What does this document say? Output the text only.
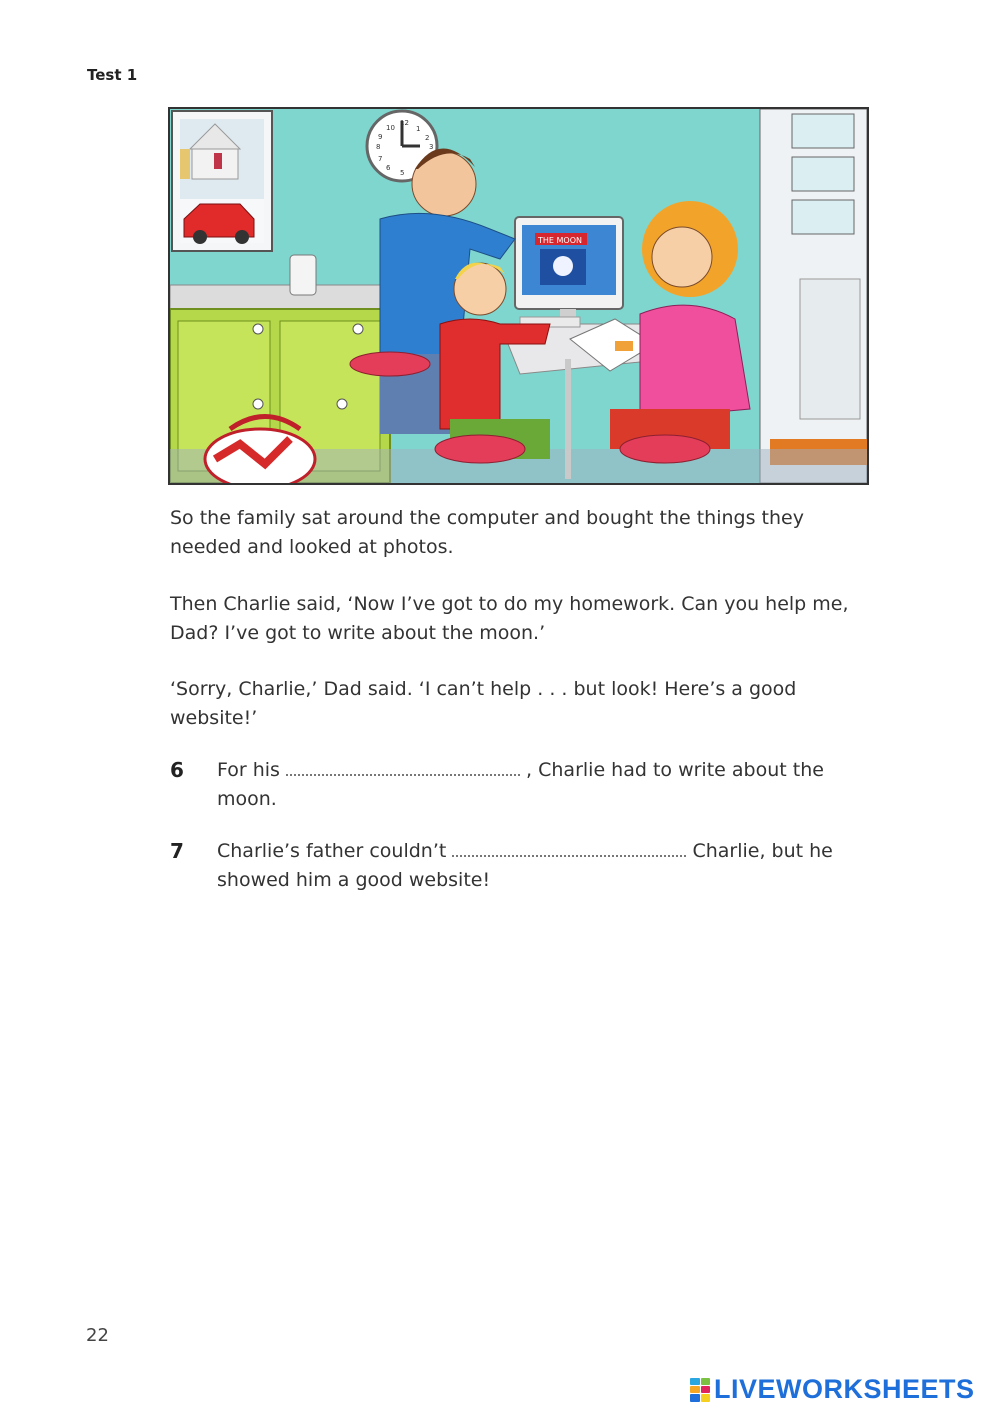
Test 1
12
1
2
3
5
6
7
8
9
10
THE MOON

So the family sat around the computer and bought the things they needed and looked at photos.

Then Charlie said, ‘Now I’ve got to do my homework. Can you help me, Dad? I’ve got to write about the moon.’

‘Sorry, Charlie,’ Dad said. ‘I can’t help . . . but look! Here’s a good website!’

6 For his	, Charlie had to write about the moon.
7 Charlie’s father couldn’t	Charlie, but he showed him a good website!
22
LIVEWORKSHEETS
